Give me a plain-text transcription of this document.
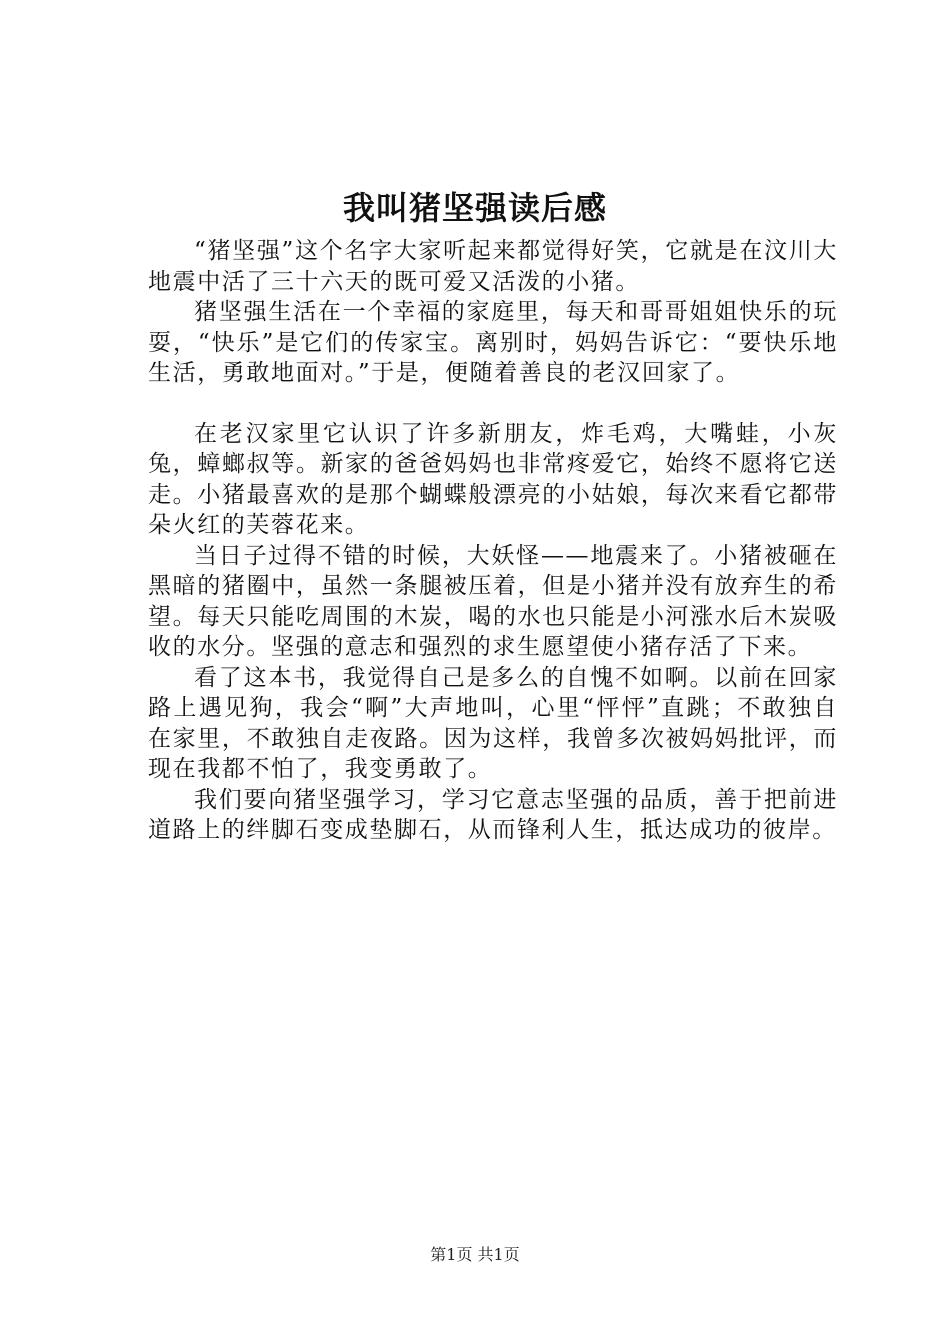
我叫猪坚强读后感

“猪坚强”这个名字大家听起来都觉得好笑，它就是在汶川大地震中活了三十六天的既可爱又活泼的小猪。

猪坚强生活在一个幸福的家庭里，每天和哥哥姐姐快乐的玩耍，“快乐”是它们的传家宝。离别时，妈妈告诉它：“要快乐地生活，勇敢地面对。”于是，便随着善良的老汉回家了。

在老汉家里它认识了许多新朋友，炸毛鸡，大嘴蛙，小灰兔，蟑螂叔等。新家的爸爸妈妈也非常疼爱它，始终不愿将它送走。小猪最喜欢的是那个蝴蝶般漂亮的小姑娘，每次来看它都带朵火红的芙蓉花来。

当日子过得不错的时候，大妖怪——地震来了。小猪被砸在黑暗的猪圈中，虽然一条腿被压着，但是小猪并没有放弃生的希望。每天只能吃周围的木炭，喝的水也只能是小河涨水后木炭吸收的水分。坚强的意志和强烈的求生愿望使小猪存活了下来。

看了这本书，我觉得自己是多么的自愧不如啊。以前在回家路上遇见狗，我会“啊”大声地叫，心里“怦怦”直跳；不敢独自在家里，不敢独自走夜路。因为这样，我曾多次被妈妈批评，而现在我都不怕了，我变勇敢了。

我们要向猪坚强学习，学习它意志坚强的品质，善于把前进道路上的绊脚石变成垫脚石，从而锋利人生，抵达成功的彼岸。

第1页 共1页
